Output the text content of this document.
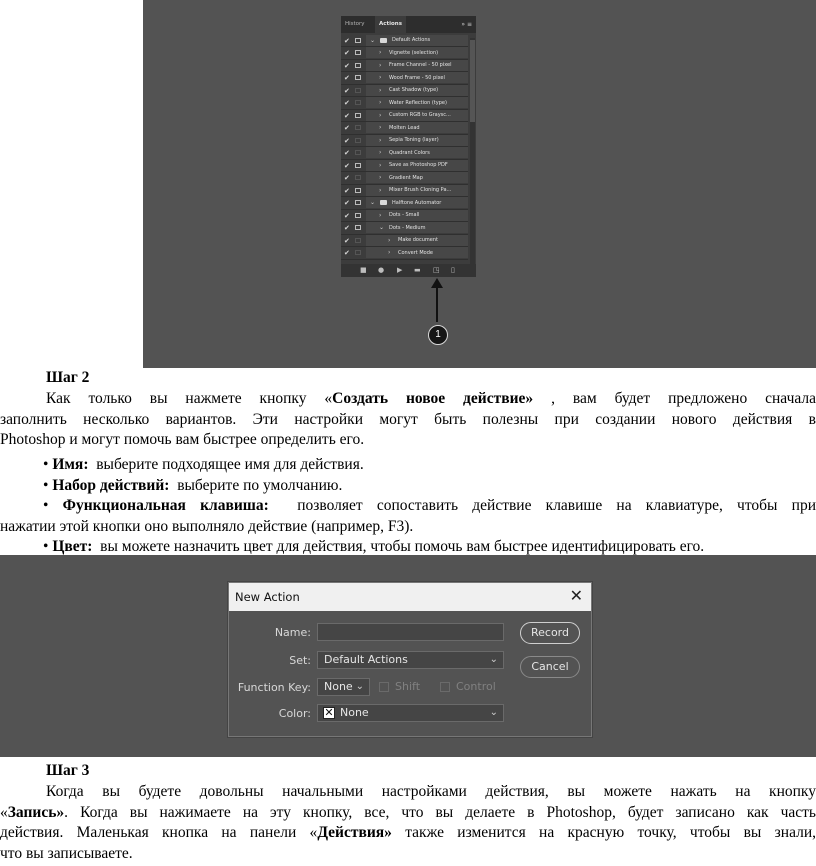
History	Actions	» ≡
✔	⌄	Default Actions
✔	› Vignette (selection)
✔	› Frame Channel - 50 pixel
✔	› Wood Frame - 50 pixel
✔	› Cast Shadow (type)
✔	› Water Reflection (type)
✔	› Custom RGB to Graysc...
✔	› Molten Lead
✔	› Sepia Toning (layer)
✔	› Quadrant Colors
✔	› Save as Photoshop PDF
✔	› Gradient Map
✔	› Mixer Brush Cloning Pa...
✔	⌄	Halftone Automator
✔	› Dots - Small
✔	⌄ Dots - Medium
✔	› Make document
✔	› Convert Mode
■ ● ▶ ▬ ◳ ▯
1
Шаг 2
Как только вы нажмете кнопку «Создать новое действие» , вам будет предложено сначала
заполнить несколько вариантов. Эти настройки могут быть полезны при создании нового действия в
Photoshop и могут помочь вам быстрее определить его.
• Имя: выберите подходящее имя для действия.
• Набор действий: выберите по умолчанию.
• Функциональная клавиша: позволяет сопоставить действие клавише на клавиатуре, чтобы при
нажатии этой кнопки оно выполняло действие (например, F3).
• Цвет: вы можете назначить цвет для действия, чтобы помочь вам быстрее идентифицировать его.
New Action	✕
Name:
Set:	Default Actions	⌄
Function Key:	None ⌄	Shift	Control
Color: ✕ None	⌄
Record
Cancel
Шаг 3
Когда вы будете довольны начальными настройками действия, вы можете нажать на кнопку
«Запись». Когда вы нажимаете на эту кнопку, все, что вы делаете в Photoshop, будет записано как часть
действия. Маленькая кнопка на панели «Действия» также изменится на красную точку, чтобы вы знали,
что вы записываете.
